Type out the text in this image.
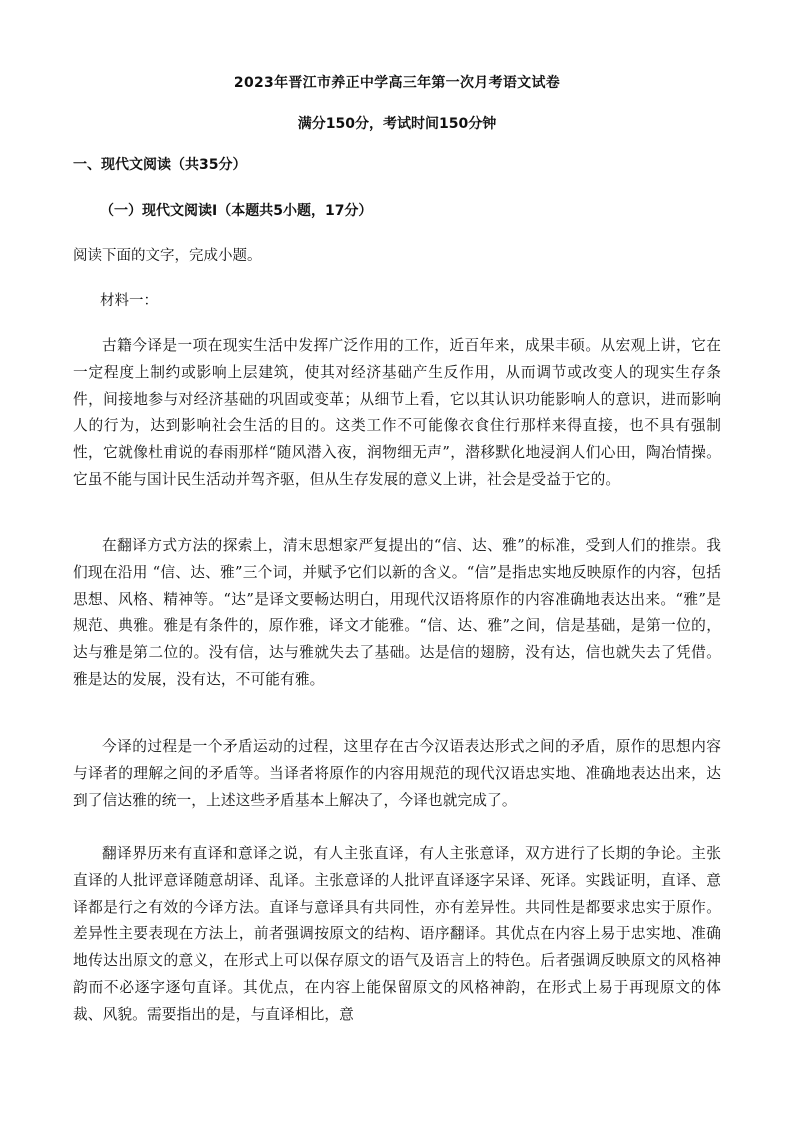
2023年晋江市养正中学高三年第一次月考语文试卷
满分150分，考试时间150分钟
一、现代文阅读（共35分）
（一）现代文阅读Ⅰ（本题共5小题，17分）
阅读下面的文字，完成小题。
材料一：

古籍今译是一项在现实生活中发挥广泛作用的工作，近百年来，成果丰硕。从宏观上讲，它在一定程度上制约或影响上层建筑，使其对经济基础产生反作用，从而调节或改变人的现实生存条件，间接地参与对经济基础的巩固或变革；从细节上看，它以其认识功能影响人的意识，进而影响人的行为，达到影响社会生活的目的。这类工作不可能像衣食住行那样来得直接，也不具有强制性，它就像杜甫说的春雨那样“随风潜入夜，润物细无声”，潜移默化地浸润人们心田，陶冶情操。它虽不能与国计民生活动并驾齐驱，但从生存发展的意义上讲，社会是受益于它的。

在翻译方式方法的探索上，清末思想家严复提出的“信、达、雅”的标准，受到人们的推崇。我们现在沿用 “信、达、雅”三个词，并赋予它们以新的含义。“信”是指忠实地反映原作的内容，包括思想、风格、精神等。“达”是译文要畅达明白，用现代汉语将原作的内容准确地表达出来。“雅”是规范、典雅。雅是有条件的，原作雅，译文才能雅。“信、达、雅”之间，信是基础，是第一位的，达与雅是第二位的。没有信，达与雅就失去了基础。达是信的翅膀，没有达，信也就失去了凭借。雅是达的发展，没有达，不可能有雅。

今译的过程是一个矛盾运动的过程，这里存在古今汉语表达形式之间的矛盾，原作的思想内容与译者的理解之间的矛盾等。当译者将原作的内容用规范的现代汉语忠实地、准确地表达出来，达到了信达雅的统一，上述这些矛盾基本上解决了，今译也就完成了。

翻译界历来有直译和意译之说，有人主张直译，有人主张意译，双方进行了长期的争论。主张直译的人批评意译随意胡译、乱译。主张意译的人批评直译逐字呆译、死译。实践证明，直译、意译都是行之有效的今译方法。直译与意译具有共同性，亦有差异性。共同性是都要求忠实于原作。差异性主要表现在方法上，前者强调按原文的结构、语序翻译。其优点在内容上易于忠实地、准确地传达出原文的意义，在形式上可以保存原文的语气及语言上的特色。后者强调反映原文的风格神韵而不必逐字逐句直译。其优点，在内容上能保留原文的风格神韵，在形式上易于再现原文的体裁、风貌。需要指出的是，与直译相比，意
